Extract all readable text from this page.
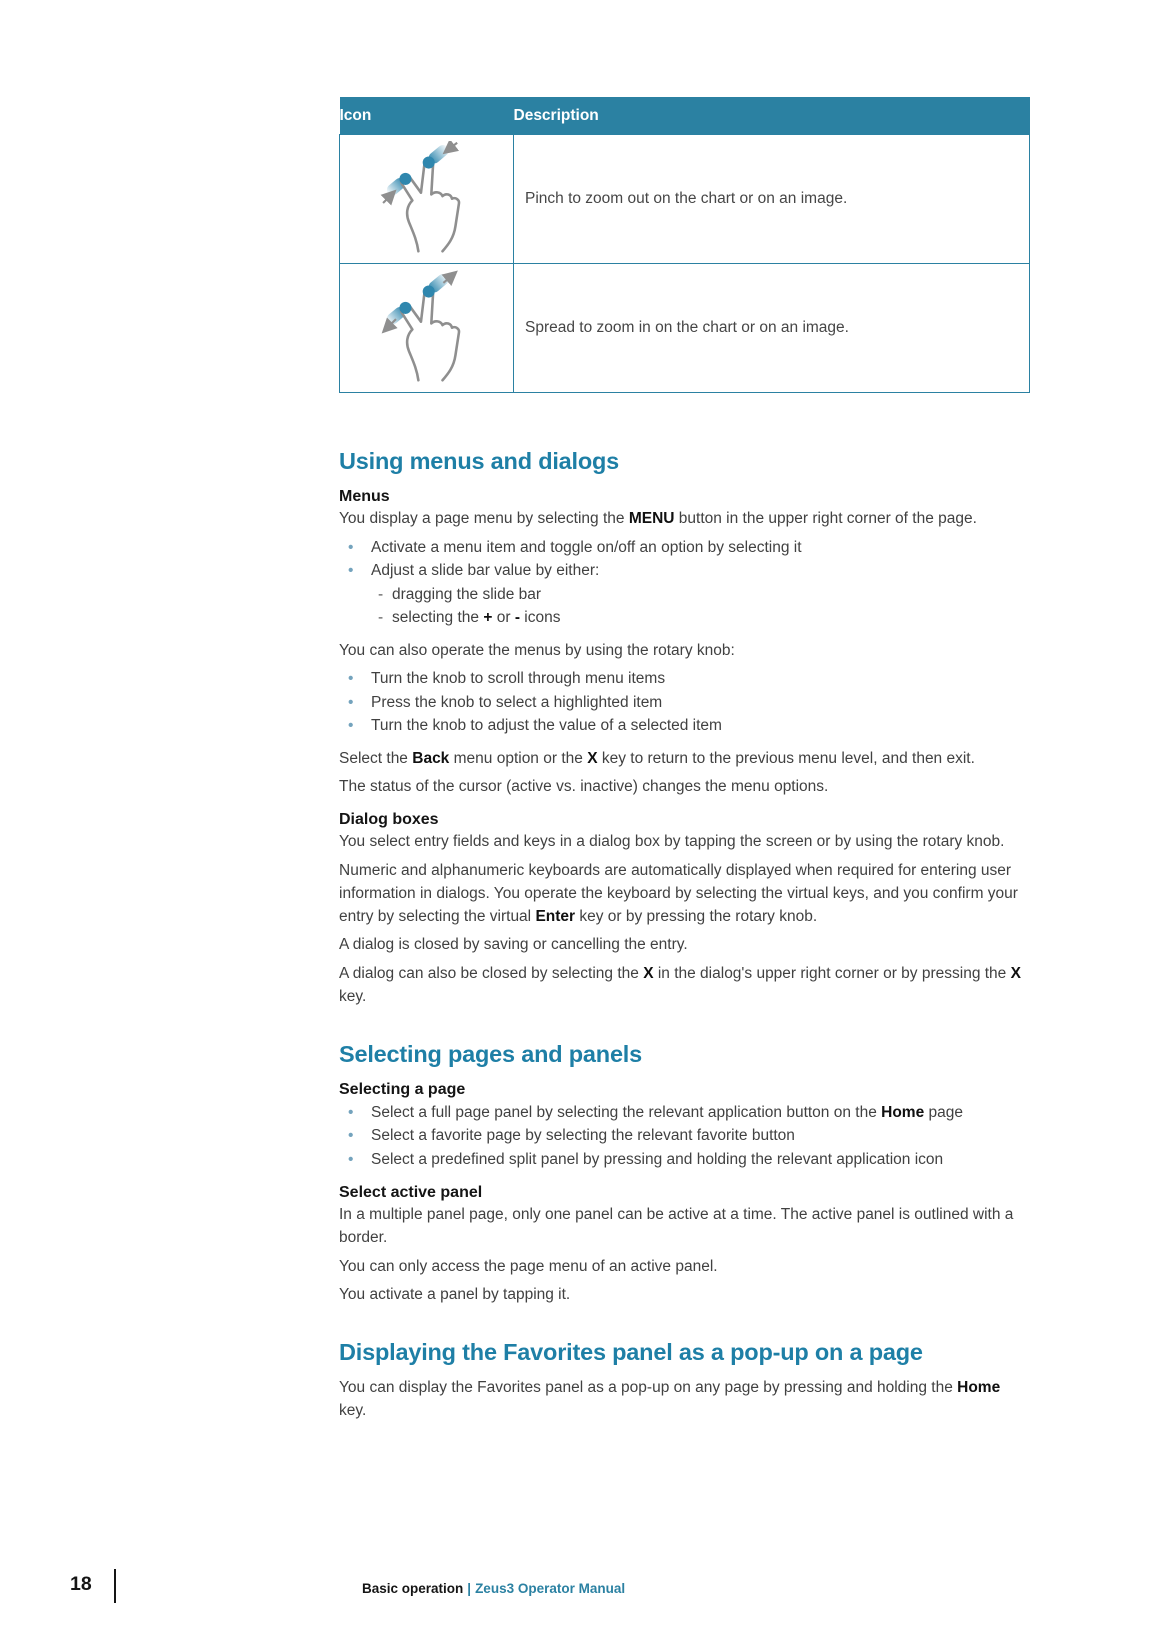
Icon	Description
	Pinch to zoom out on the chart or on an image.
	Spread to zoom in on the chart or on an image.
Using menus and dialogs
Menus

You display a page menu by selecting the MENU button in the upper right corner of the page.

• Activate a menu item and toggle on/off an option by selecting it
• Adjust a slide bar value by either:
- dragging the slide bar
- selecting the + or - icons

You can also operate the menus by using the rotary knob:

• Turn the knob to scroll through menu items
• Press the knob to select a highlighted item
• Turn the knob to adjust the value of a selected item

Select the Back menu option or the X key to return to the previous menu level, and then exit.

The status of the cursor (active vs. inactive) changes the menu options.

Dialog boxes

You select entry fields and keys in a dialog box by tapping the screen or by using the rotary knob.

Numeric and alphanumeric keyboards are automatically displayed when required for entering user information in dialogs. You operate the keyboard by selecting the virtual keys, and you confirm your entry by selecting the virtual Enter key or by pressing the rotary knob.

A dialog is closed by saving or cancelling the entry.

A dialog can also be closed by selecting the X in the dialog's upper right corner or by pressing the X key.

Selecting pages and panels
Selecting a page
• Select a full page panel by selecting the relevant application button on the Home page
• Select a favorite page by selecting the relevant favorite button
• Select a predefined split panel by pressing and holding the relevant application icon
Select active panel

In a multiple panel page, only one panel can be active at a time. The active panel is outlined with a border.

You can only access the page menu of an active panel.

You activate a panel by tapping it.

Displaying the Favorites panel as a pop-up on a page

You can display the Favorites panel as a pop-up on any page by pressing and holding the Home key.

18	Basic operation | Zeus3 Operator Manual
